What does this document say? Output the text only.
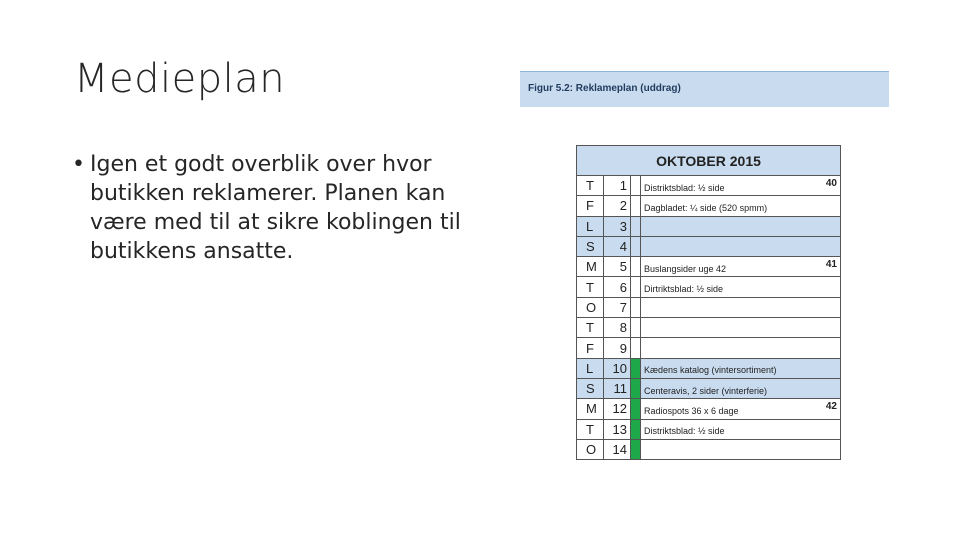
Medieplan
• Igen et godt overblik over hvor butikken reklamerer. Planen kan være med til at sikre koblingen til butikkens ansatte.
Figur 5.2: Reklameplan (uddrag)
OKTOBER 2015			
T	1		Distriktsblad: ½ side 40

F	2		Dagbladet: ¼ side (520 spmm)

L	3		

S	4		

M	5		Buslangsider uge 42 41

T	6		Dirtriktsblad: ½ side

O	7		

T	8		

F	9		

L	10		Kædens katalog (vintersortiment)

S	11		Centeravis, 2 sider (vinterferie)

M	12		Radiospots 36 x 6 dage 42

T	13		Distriktsblad: ½ side

O	14		
